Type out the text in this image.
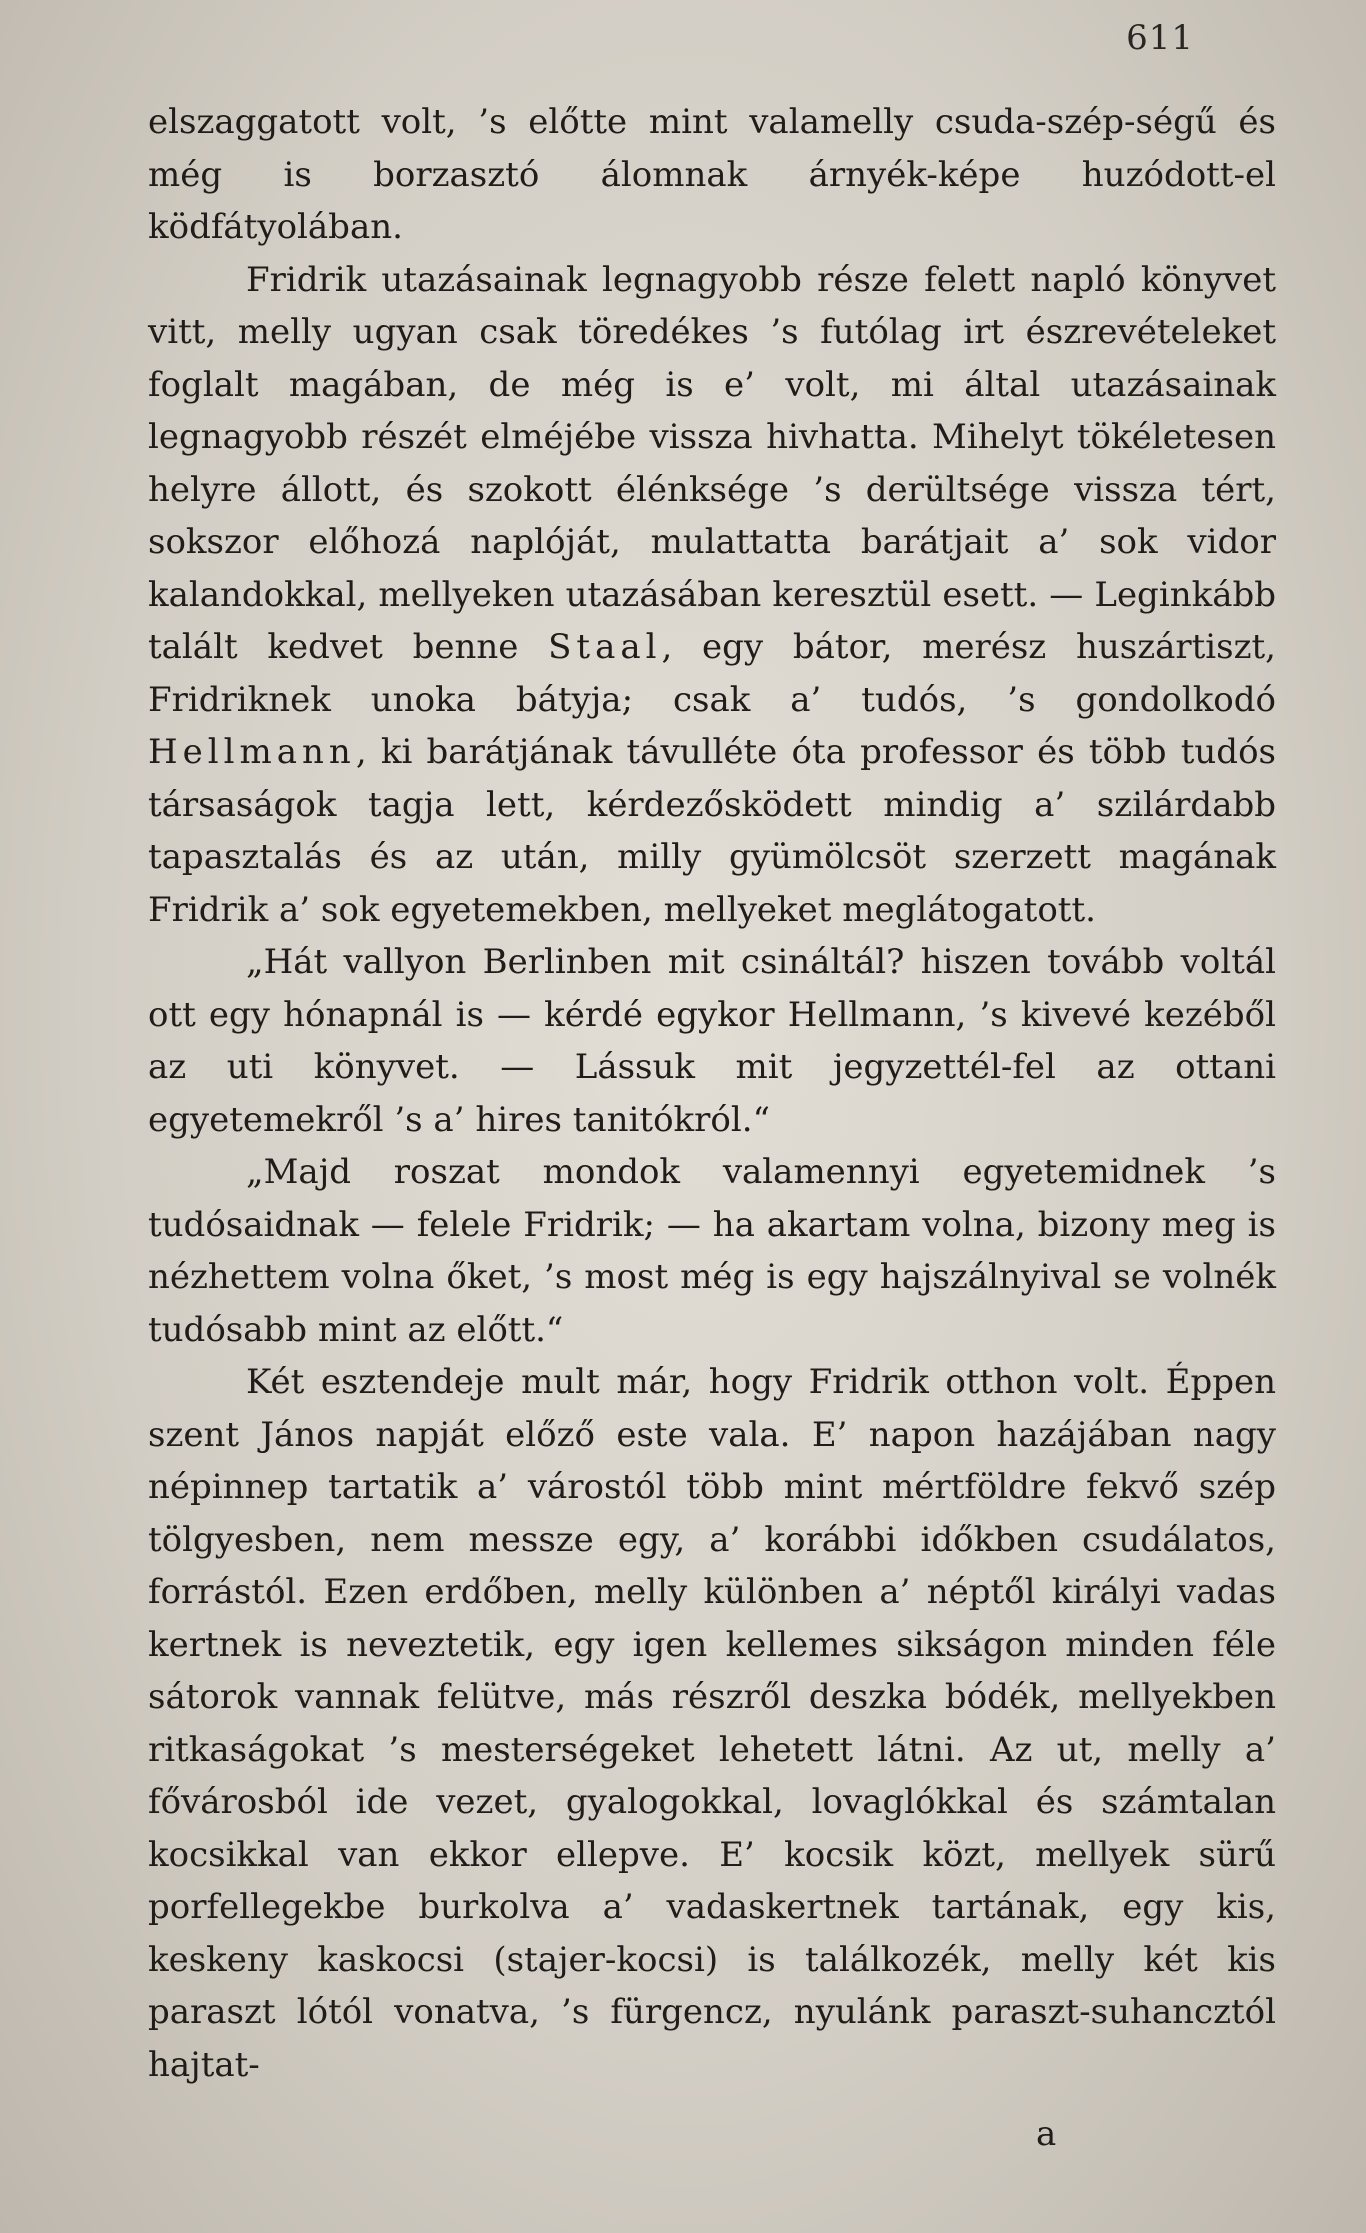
611

elszaggatott volt, ’s előtte mint valamelly csuda-szép-ségű és még is borzasztó álomnak árnyék-képe huzódott-el ködfátyolában.

Fridrik utazásainak legnagyobb része felett napló könyvet vitt, melly ugyan csak töredékes ’s futólag irt észrevételeket foglalt magában, de még is e’ volt, mi által utazásainak legnagyobb részét elméjébe vissza hivhatta. Mihelyt tökéletesen helyre állott, és szokott élénksége ’s derültsége vissza tért, sokszor előhozá naplóját, mulattatta barátjait a’ sok vidor kalandokkal, mellyeken utazásában keresztül esett. — Leginkább talált kedvet benne Staal, egy bátor, merész huszártiszt, Fridriknek unoka bátyja; csak a’ tudós, ’s gondolkodó Hellmann, ki barátjának távulléte óta professor és több tudós társaságok tagja lett, kérdezősködett mindig a’ szilárdabb tapasztalás és az után, milly gyümölcsöt szerzett magának Fridrik a’ sok egyetemekben, mellyeket meglátogatott.

„Hát vallyon Berlinben mit csináltál? hiszen tovább voltál ott egy hónapnál is — kérdé egykor Hellmann, ’s kivevé kezéből az uti könyvet. — Lássuk mit jegyzettél-fel az ottani egyetemekről ’s a’ hires tanitókról.“

„Majd roszat mondok valamennyi egyetemidnek ’s tudósaidnak — felele Fridrik; — ha akartam volna, bizony meg is nézhettem volna őket, ’s most még is egy hajszálnyival se volnék tudósabb mint az előtt.“

Két esztendeje mult már, hogy Fridrik otthon volt. Éppen szent János napját előző este vala. E’ napon hazájában nagy népinnep tartatik a’ várostól több mint mértföldre fekvő szép tölgyesben, nem messze egy, a’ korábbi időkben csudálatos, forrástól. Ezen erdőben, melly különben a’ néptől királyi vadas kertnek is neveztetik, egy igen kellemes sikságon minden féle sátorok vannak felütve, más részről deszka bódék, mellyekben ritkaságokat ’s mesterségeket lehetett látni. Az ut, melly a’ fővárosból ide vezet, gyalogokkal, lovaglókkal és számtalan kocsikkal van ekkor ellepve. E’ kocsik közt, mellyek sürű porfellegekbe burkolva a’ vadaskertnek tartának, egy kis, keskeny kaskocsi (stajer-kocsi) is találkozék, melly két kis paraszt lótól vonatva, ’s fürgencz, nyulánk paraszt-suhancztól hajtat-

a
